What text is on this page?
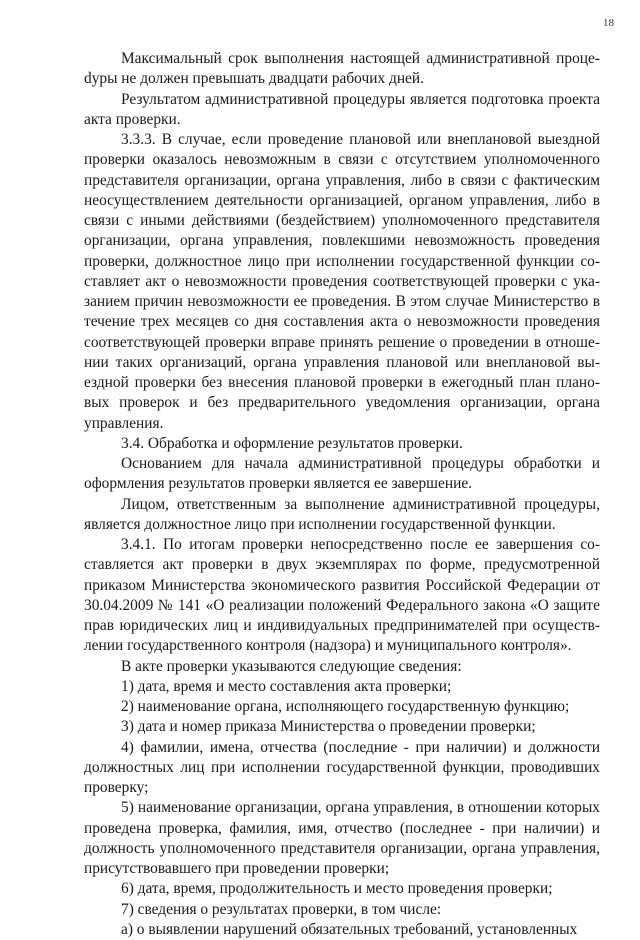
18

Максимальный срок выполнения настоящей административной процеdуры не должен превышать двадцати рабочих дней.

Результатом административной процедуры является подготовка проекта акта проверки.

3.3.3. В случае, если проведение плановой или внеплановой выездной проверки оказалось невозможным в связи с отсутствием уполномоченного представителя организации, органа управления, либо в связи с фактическим неосуществлением деятельности организацией, органом управления, либо в связи с иными действиями (бездействием) уполномоченного представителя организации, органа управления, повлекшими невозможность проведения проверки, должностное лицо при исполнении государственной функции составляет акт о невозможности проведения соответствующей проверки с указанием причин невозможности ее проведения. В этом случае Министерство в течение трех месяцев со дня составления акта о невозможности проведения соответствующей проверки вправе принять решение о проведении в отношении таких организаций, органа управления плановой или внеплановой выездной проверки без внесения плановой проверки в ежегодный план плановых проверок и без предварительного уведомления организации, органа управления.

3.4. Обработка и оформление результатов проверки.

Основанием для начала административной процедуры обработки и оформления результатов проверки является ее завершение.

Лицом, ответственным за выполнение административной процедуры, является должностное лицо при исполнении государственной функции.

3.4.1. По итогам проверки непосредственно после ее завершения составляется акт проверки в двух экземплярах по форме, предусмотренной приказом Министерства экономического развития Российской Федерации от 30.04.2009 № 141 «О реализации положений Федерального закона «О защите прав юридических лиц и индивидуальных предпринимателей при осуществлении государственного контроля (надзора) и муниципального контроля».

В акте проверки указываются следующие сведения:

1) дата, время и место составления акта проверки;

2) наименование органа, исполняющего государственную функцию;

3) дата и номер приказа Министерства о проведении проверки;

4) фамилии, имена, отчества (последние - при наличии) и должности должностных лиц при исполнении государственной функции, проводивших проверку;

5) наименование организации, органа управления, в отношении которых проведена проверка, фамилия, имя, отчество (последнее - при наличии) и должность уполномоченного представителя организации, органа управления, присутствовавшего при проведении проверки;

6) дата, время, продолжительность и место проведения проверки;

7) сведения о результатах проверки, в том числе:

а) о выявлении нарушений обязательных требований, установленных
